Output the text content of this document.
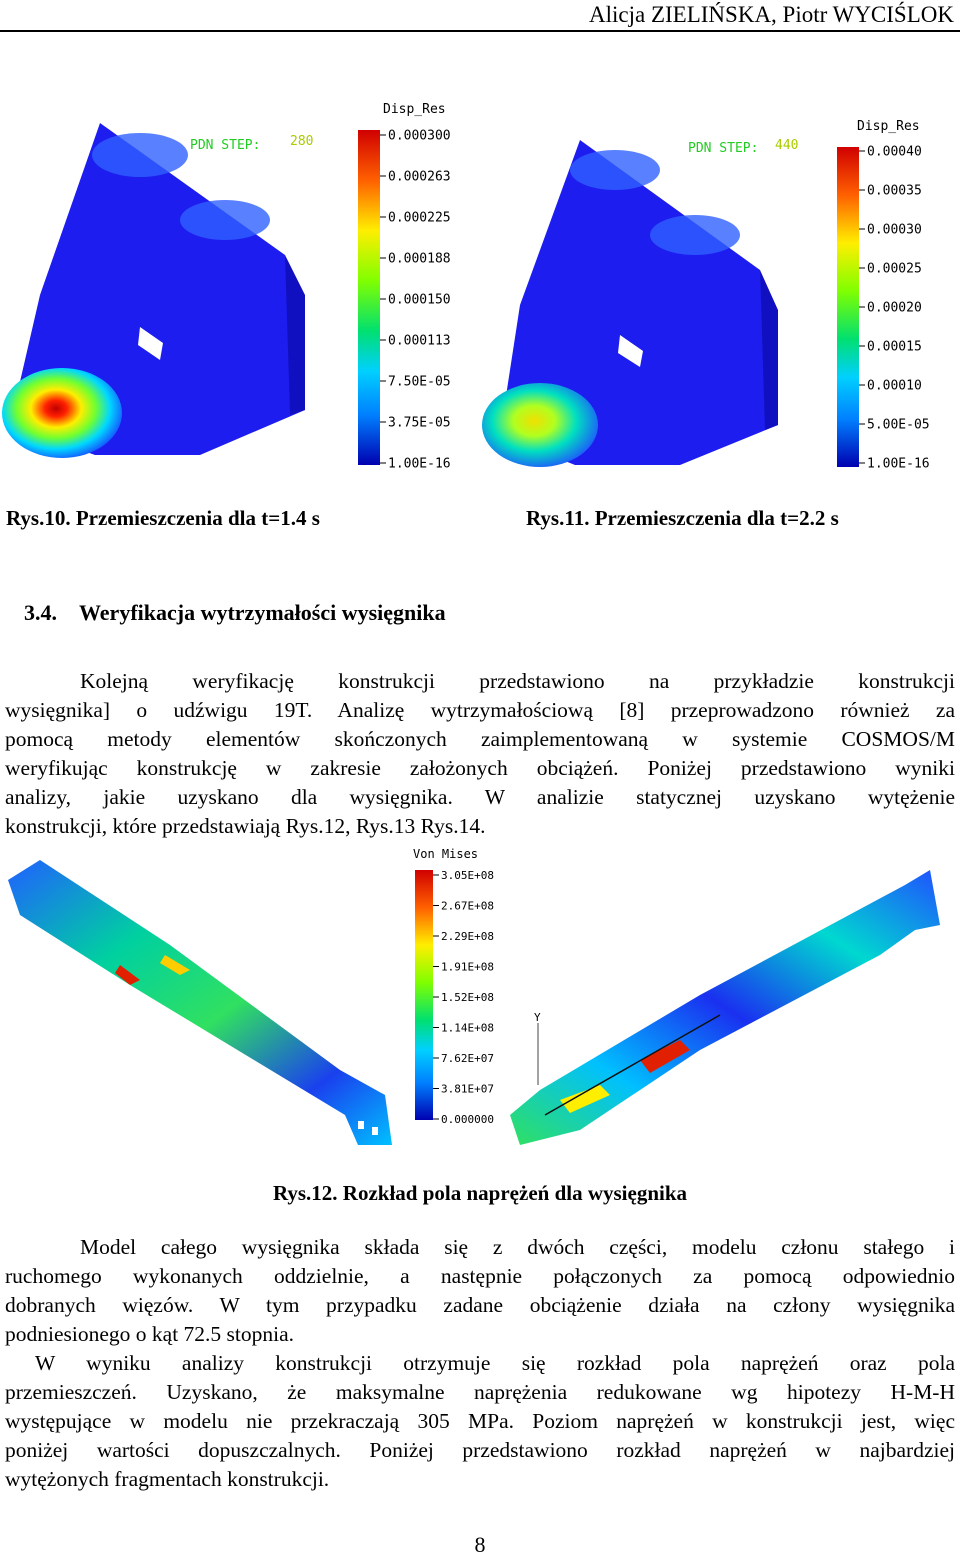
Alicja ZIELIŃSKA, Piotr WYCIŚLOK
PDN STEP: 280
Disp_Res
0.000300
0.000263
0.000225
0.000188
0.000150
0.000113
7.50E-05
3.75E-05
1.00E-16
PDN STEP: 440
Disp_Res
0.00040
0.00035
0.00030
0.00025
0.00020
0.00015
0.00010
5.00E-05
1.00E-16
Rys.10. Przemieszczenia dla t=1.4 s	Rys.11. Przemieszczenia dla t=2.2 s
3.4. Weryfikacja wytrzymałości wysięgnika
Kolejną weryfikację konstrukcji przedstawiono na przykładzie konstrukcji
wysięgnika] o udźwigu 19T. Analizę wytrzymałościową [8] przeprowadzono również za
pomocą metody elementów skończonych zaimplementowaną w systemie COSMOS/M
weryfikując konstrukcję w zakresie założonych obciążeń. Poniżej przedstawiono wyniki
analizy, jakie uzyskano dla wysięgnika. W analizie statycznej uzyskano wytężenie
konstrukcji, które przedstawiają Rys.12, Rys.13 Rys.14.
Y
Von Mises
3.05E+08
2.67E+08
2.29E+08
1.91E+08
1.52E+08
1.14E+08
7.62E+07
3.81E+07
0.000000
Rys.12. Rozkład pola naprężeń dla wysięgnika
Model całego wysięgnika składa się z dwóch części, modelu członu stałego i
ruchomego wykonanych oddzielnie, a następnie połączonych za pomocą odpowiednio
dobranych więzów. W tym przypadku zadane obciążenie działa na człony wysięgnika
podniesionego o kąt 72.5 stopnia.
W wyniku analizy konstrukcji otrzymuje się rozkład pola naprężeń oraz pola
przemieszczeń. Uzyskano, że maksymalne naprężenia redukowane wg hipotezy H-M-H
występujące w modelu nie przekraczają 305 MPa. Poziom naprężeń w konstrukcji jest, więc
poniżej wartości dopuszczalnych. Poniżej przedstawiono rozkład naprężeń w najbardziej
wytężonych fragmentach konstrukcji.
8
